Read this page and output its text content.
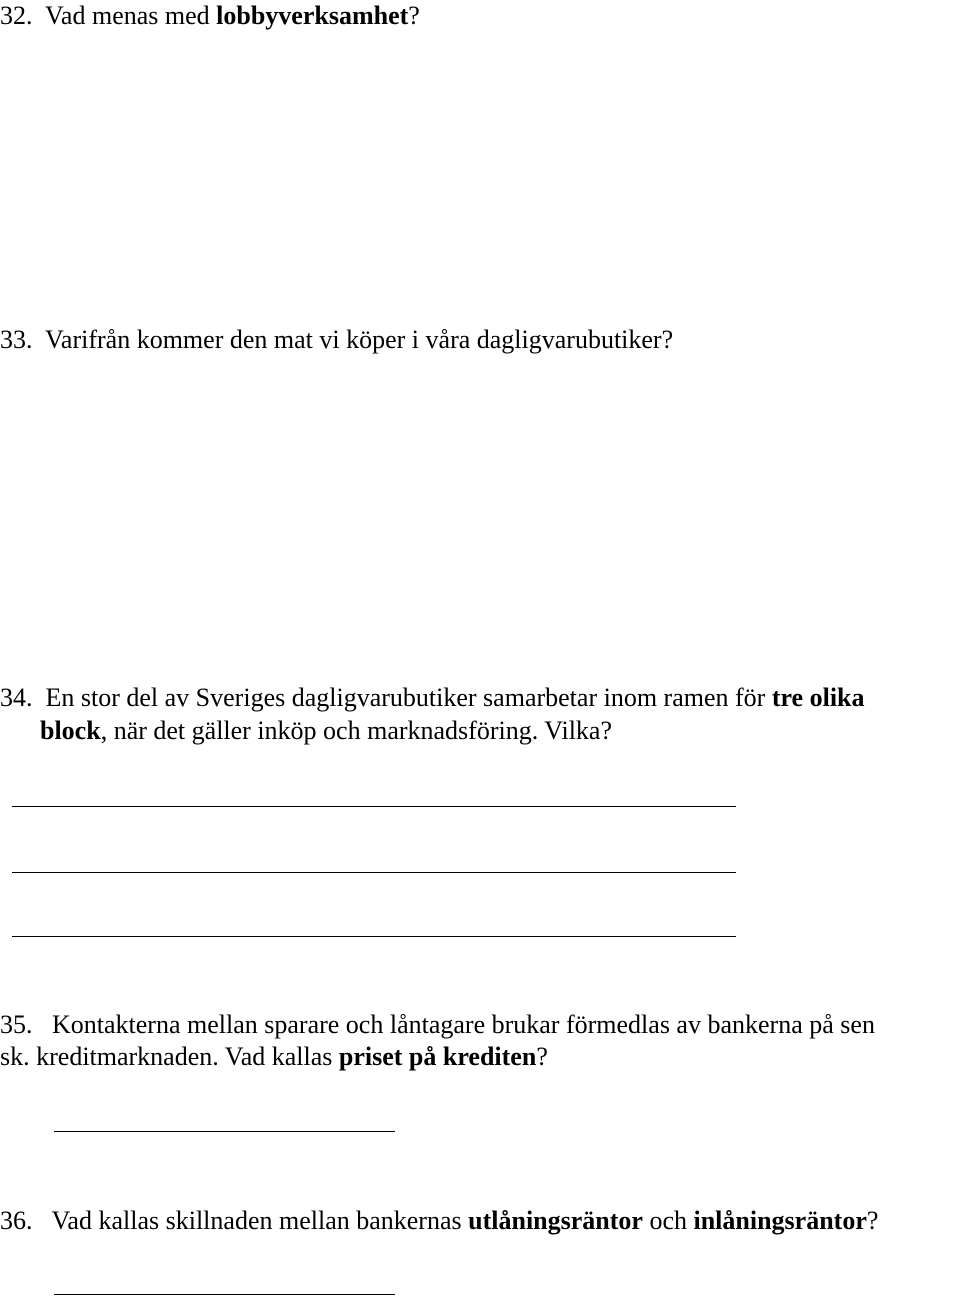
32. Vad menas med lobbyverksamhet?
33. Varifrån kommer den mat vi köper i våra dagligvarubutiker?
34. En stor del av Sveriges dagligvarubutiker samarbetar inom ramen för tre olika
block, när det gäller inköp och marknadsföring. Vilka?
35. Kontakterna mellan sparare och låntagare brukar förmedlas av bankerna på sen
sk. kreditmarknaden. Vad kallas priset på krediten?
36. Vad kallas skillnaden mellan bankernas utlåningsräntor och inlåningsräntor?
